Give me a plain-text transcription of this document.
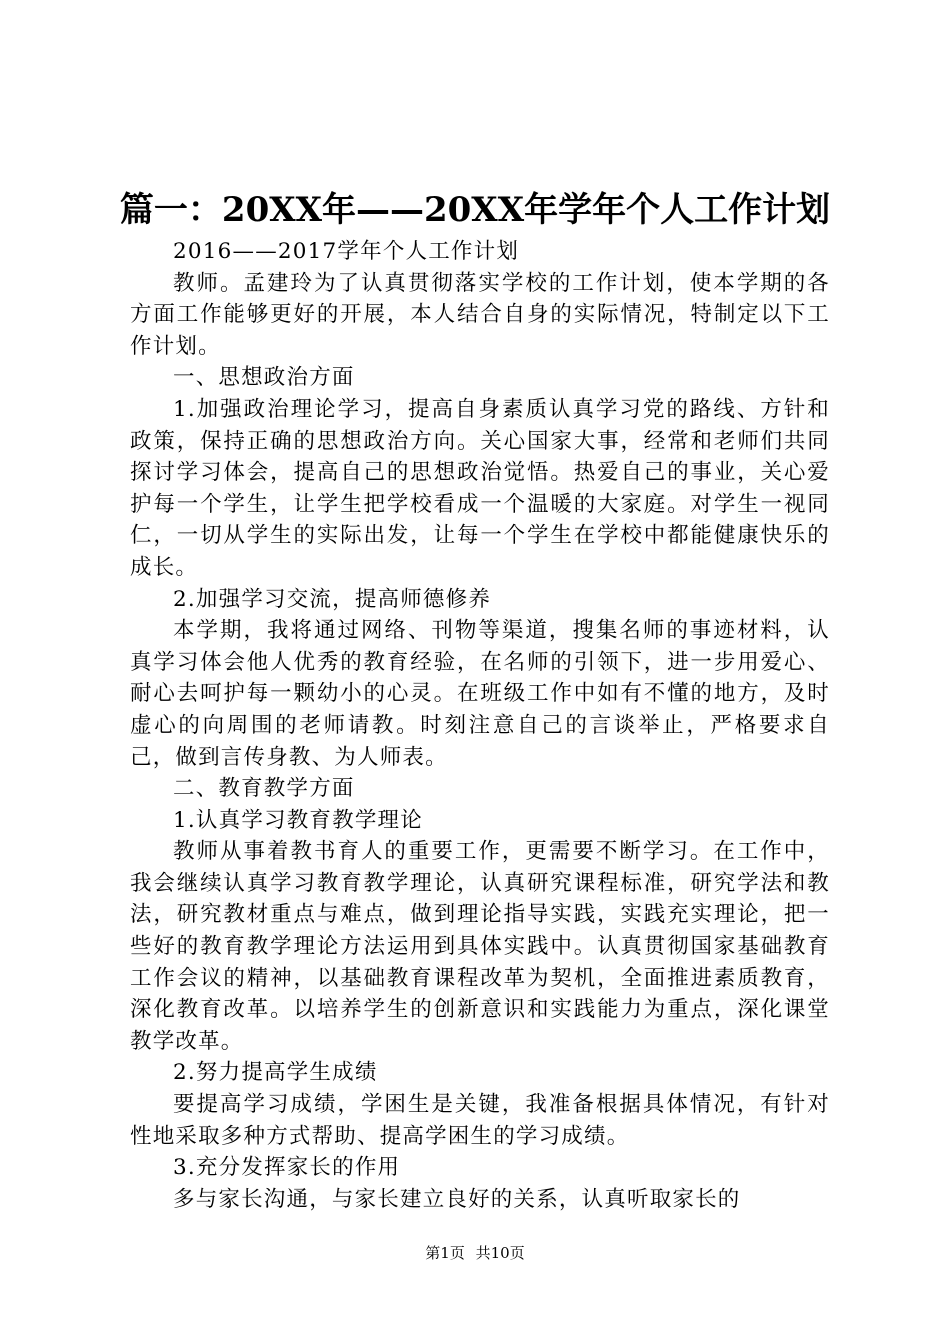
篇一：20XX年——20XX年学年个人工作计划

2016——2017学年个人工作计划

教师。孟建玲为了认真贯彻落实学校的工作计划，使本学期的各方面工作能够更好的开展，本人结合自身的实际情况，特制定以下工作计划。

一、思想政治方面

1.加强政治理论学习，提高自身素质认真学习党的路线、方针和政策，保持正确的思想政治方向。关心国家大事，经常和老师们共同探讨学习体会，提高自己的思想政治觉悟。热爱自己的事业，关心爱护每一个学生，让学生把学校看成一个温暖的大家庭。对学生一视同仁，一切从学生的实际出发，让每一个学生在学校中都能健康快乐的成长。

2.加强学习交流，提高师德修养

本学期，我将通过网络、刊物等渠道，搜集名师的事迹材料，认真学习体会他人优秀的教育经验，在名师的引领下，进一步用爱心、耐心去呵护每一颗幼小的心灵。在班级工作中如有不懂的地方，及时虚心的向周围的老师请教。时刻注意自己的言谈举止，严格要求自己，做到言传身教、为人师表。

二、教育教学方面

1.认真学习教育教学理论

教师从事着教书育人的重要工作，更需要不断学习。在工作中，我会继续认真学习教育教学理论，认真研究课程标准，研究学法和教法，研究教材重点与难点，做到理论指导实践，实践充实理论，把一些好的教育教学理论方法运用到具体实践中。认真贯彻国家基础教育工作会议的精神，以基础教育课程改革为契机，全面推进素质教育，深化教育改革。以培养学生的创新意识和实践能力为重点，深化课堂教学改革。

2.努力提高学生成绩

要提高学习成绩，学困生是关键，我准备根据具体情况，有针对性地采取多种方式帮助、提高学困生的学习成绩。

3.充分发挥家长的作用

多与家长沟通，与家长建立良好的关系，认真听取家长的

第1页 共10页
